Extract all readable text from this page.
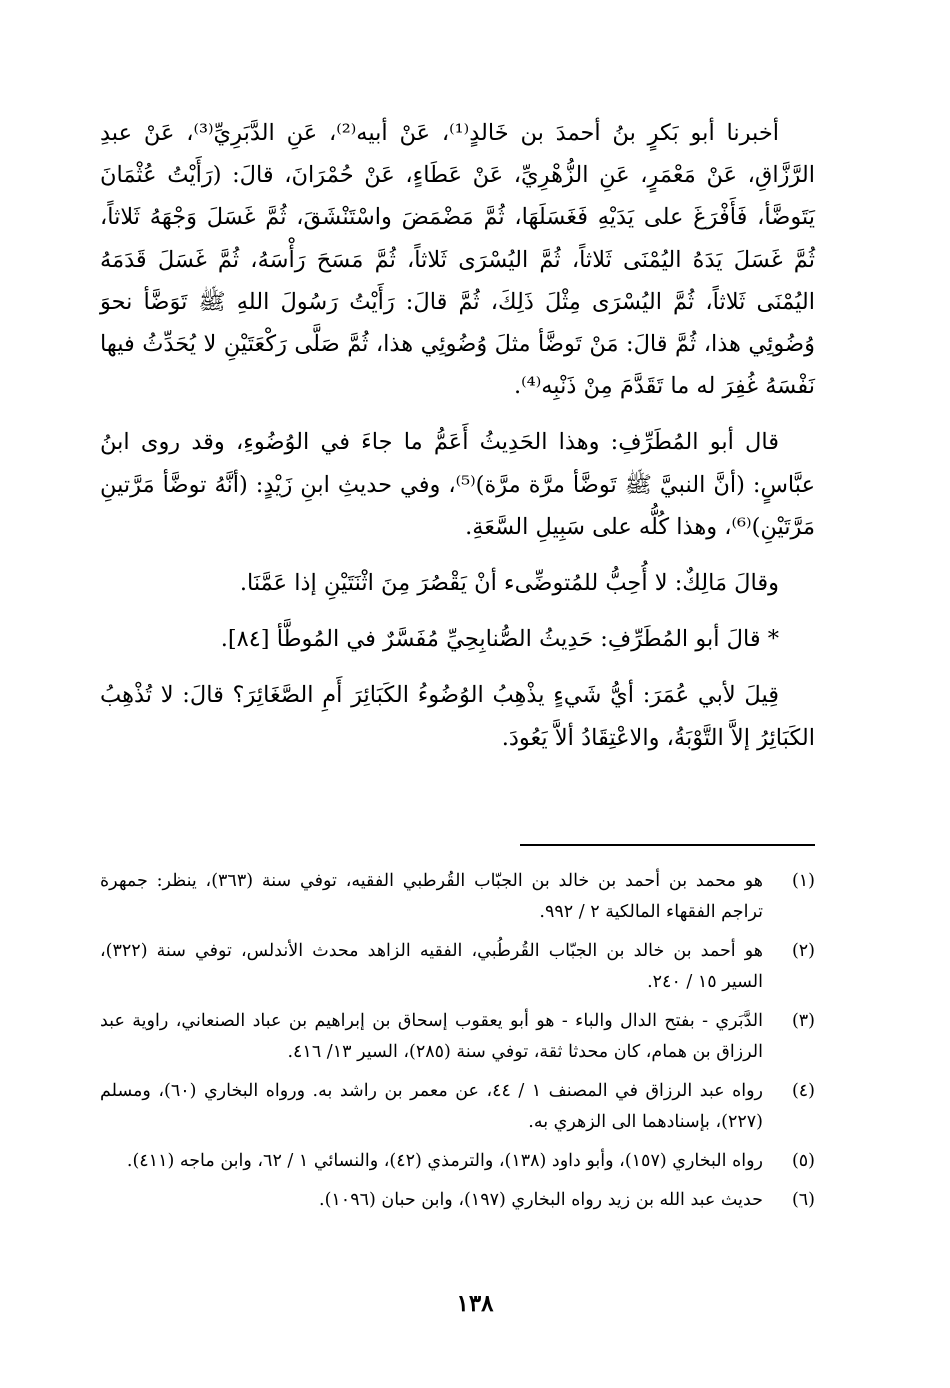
أخبرنا أبو بَكرٍ بنُ أحمدَ بن خَالدٍ⁽¹⁾، عَنْ أبيه⁽²⁾، عَنِ الدَّبَرِيِّ⁽³⁾، عَنْ عبدِ الرَّزَّاقِ، عَنْ مَعْمَرٍ، عَنِ الزُّهْرِيِّ، عَنْ عَطَاءٍ، عَنْ حُمْرَانَ، قالَ: (رَأَيْتُ عُثْمَانَ يَتَوضَّأ، فَأَفْرَغَ على يَدَيْهِ فَغَسَلَهَا، ثُمَّ مَضْمَضَ واسْتَنْشَقَ، ثُمَّ غَسَلَ وَجْهَهُ ثَلاثاً، ثُمَّ غَسَلَ يَدَهُ اليُمْنَى ثَلاثاً، ثُمَّ اليُسْرَى ثَلاثاً، ثُمَّ مَسَحَ رَأْسَهُ، ثُمَّ غَسَلَ قَدَمَهُ اليُمْنَى ثَلاثاً، ثُمَّ اليُسْرَى مِثْلَ ذَلِكَ، ثُمَّ قالَ: رَأَيْتُ رَسُولَ اللهِ ﷺ تَوَضَّأ نحوَ وُضُوئِي هذا، ثُمَّ قالَ: مَنْ تَوضَّأ مثلَ وُضُوئِي هذا، ثُمَّ صَلَّى رَكْعَتَيْنِ لا يُحَدِّثُ فيها نَفْسَهُ غُفِرَ له ما تَقَدَّمَ مِنْ ذَنْبِه⁽⁴⁾.

قال أبو المُطَرِّفِ: وهذا الحَدِيثُ أَعَمُّ ما جاءَ في الوُضُوءِ، وقد روى ابنُ عبَّاسٍ: (أنَّ النبيَّ ﷺ تَوضَّأ مرَّة مرَّة)⁽⁵⁾، وفي حديثِ ابنِ زَيْدٍ: (أنَّهُ توضَّأ مَرَّتينِ مَرَّتَيْنِ)⁽⁶⁾، وهذا كُلُّه على سَبِيلِ السَّعَةِ.

وقالَ مَالِكٌ: لا أُحِبُّ للمُتوضِّىء أنْ يَقْصُرَ مِنَ اثْنَتَيْنِ إذا عَمَّنَا.

* قالَ أبو المُطَرِّفِ: حَدِيثُ الصُّنابِحِيِّ مُفَسَّرٌ في المُوطَّأ [٨٤].

قِيلَ لأبي عُمَرَ: أيُّ شَيءٍ يذْهِبُ الوُضُوءُ الكَبَائِرَ أَمِ الصَّغَائِرَ؟ قالَ: لا تُذْهِبُ الكَبَائِرُ إلاَّ التَّوْبَةُ، والاعْتِقَادُ ألاَّ يَعُودَ.

(١)
هو محمد بن أحمد بن خالد بن الجبّاب القُرطبي الفقيه، توفي سنة (٣٦٣)، ينظر: جمهرة تراجم الفقهاء المالكية ٢ / ٩٩٢.
(٢)
هو أحمد بن خالد بن الجبّاب القُرطُبي، الفقيه الزاهد محدث الأندلس، توفي سنة (٣٢٢)، السير ١٥ / ٢٤٠.
(٣)
الدَّبَري - بفتح الدال والباء - هو أبو يعقوب إسحاق بن إبراهيم بن عباد الصنعاني، راوية عبد الرزاق بن همام، كان محدثا ثقة، توفي سنة (٢٨٥)، السير ١٣/ ٤١٦.
(٤)
رواه عبد الرزاق في المصنف ١ / ٤٤، عن معمر بن راشد به. ورواه البخاري (٦٠)، ومسلم (٢٢٧)، بإسنادهما الى الزهري به.
(٥)
رواه البخاري (١٥٧)، وأبو داود (١٣٨)، والترمذي (٤٢)، والنسائي ١ / ٦٢، وابن ماجه (٤١١).
(٦)
حديث عبد الله بن زيد رواه البخاري (١٩٧)، وابن حبان (١٠٩٦).
١٣٨
